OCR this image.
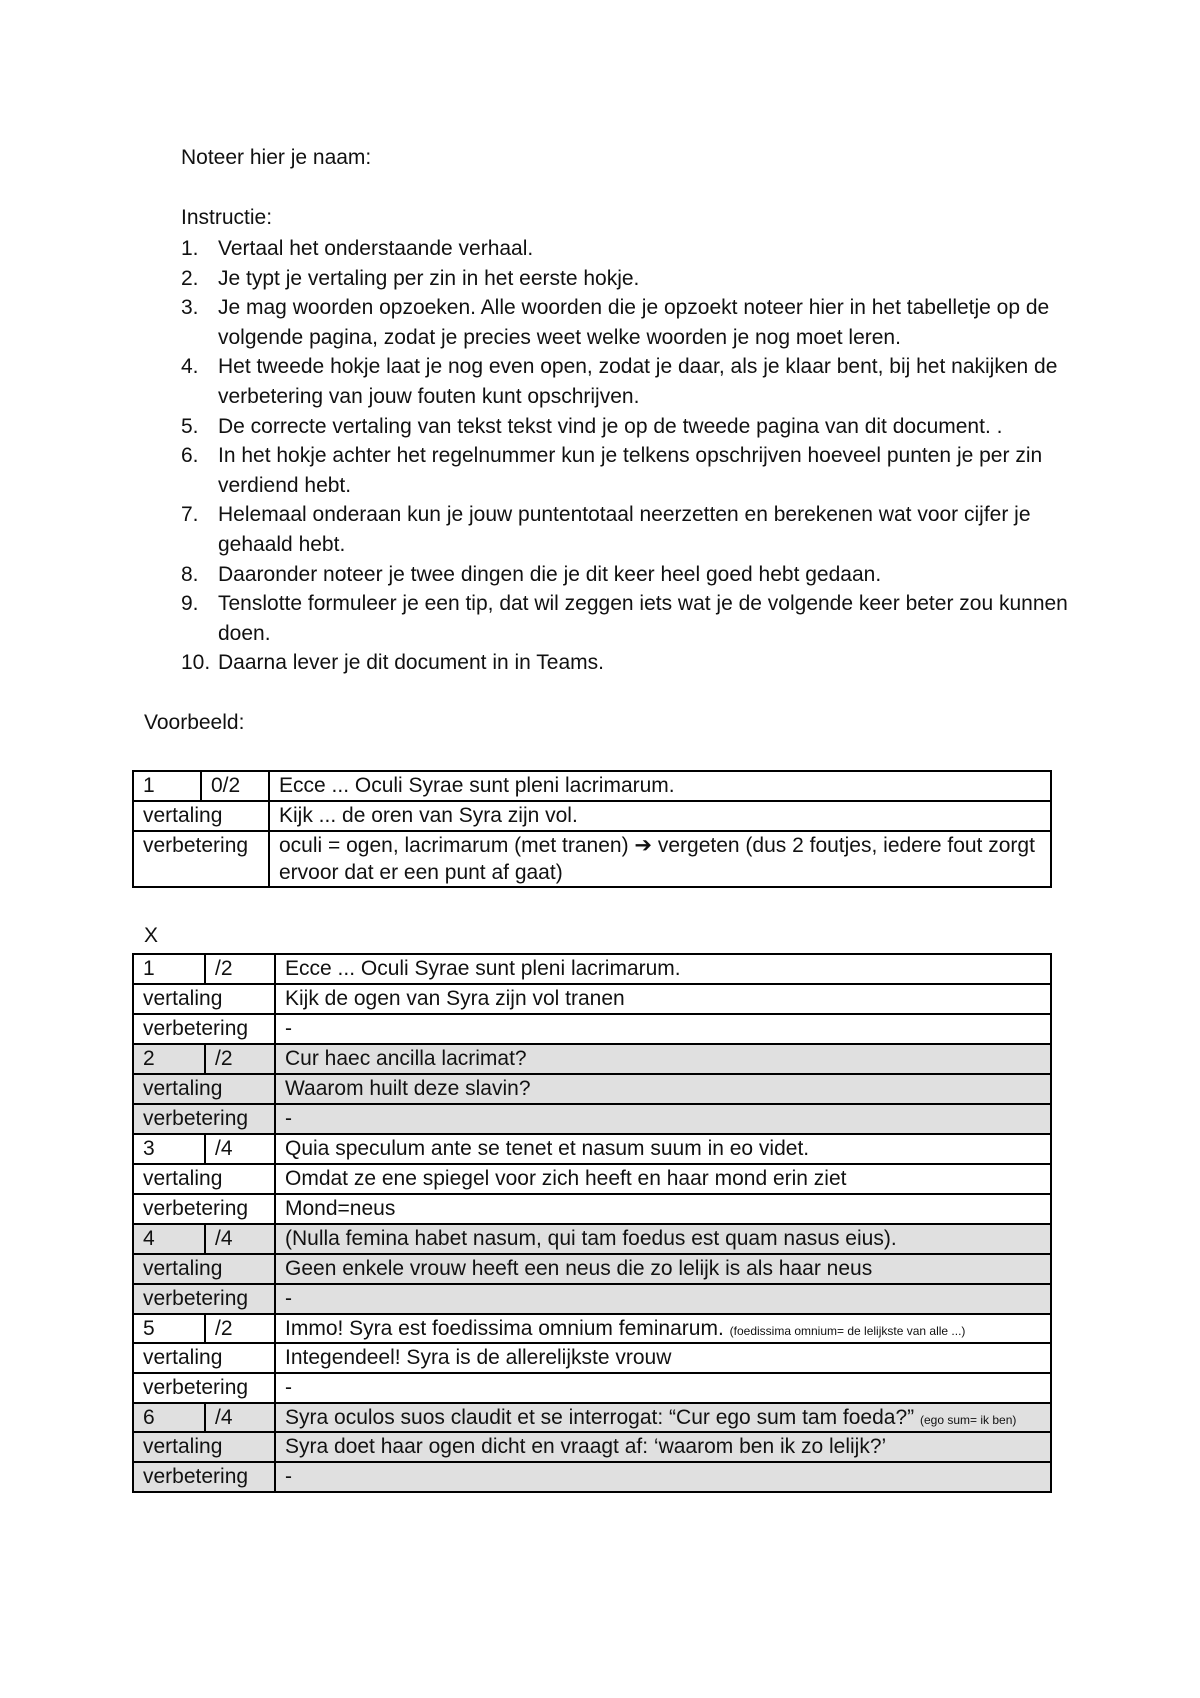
Noteer hier je naam:
Instructie:
1. Vertaal het onderstaande verhaal.
2. Je typt je vertaling per zin in het eerste hokje.
3. Je mag woorden opzoeken. Alle woorden die je opzoekt noteer hier in het tabelletje op de volgende pagina, zodat je precies weet welke woorden je nog moet leren.
4. Het tweede hokje laat je nog even open, zodat je daar, als je klaar bent, bij het nakijken de verbetering van jouw fouten kunt opschrijven.
5. De correcte vertaling van tekst tekst vind je op de tweede pagina van dit document. .
6. In het hokje achter het regelnummer kun je telkens opschrijven hoeveel punten je per zin verdiend hebt.
7. Helemaal onderaan kun je jouw puntentotaal neerzetten en berekenen wat voor cijfer je gehaald hebt.
8. Daaronder noteer je twee dingen die je dit keer heel goed hebt gedaan.
9. Tenslotte formuleer je een tip, dat wil zeggen iets wat je de volgende keer beter zou kunnen doen.
10. Daarna lever je dit document in in Teams.
Voorbeeld:
1	0/2	Ecce ... Oculi Syrae sunt pleni lacrimarum.
vertaling		Kijk ... de oren van Syra zijn vol.
verbetering		oculi = ogen, lacrimarum (met tranen) ➔ vergeten (dus 2 foutjes, iedere fout zorgt ervoor dat er een punt af gaat)
X
1	/2	Ecce ... Oculi Syrae sunt pleni lacrimarum.
vertaling		Kijk de ogen van Syra zijn vol tranen
verbetering		-
2	/2	Cur haec ancilla lacrimat?
vertaling		Waarom huilt deze slavin?
verbetering		-
3	/4	Quia speculum ante se tenet et nasum suum in eo videt.
vertaling		Omdat ze ene spiegel voor zich heeft en haar mond erin ziet
verbetering		Mond=neus
4	/4	(Nulla femina habet nasum, qui tam foedus est quam nasus eius).
vertaling		Geen enkele vrouw heeft een neus die zo lelijk is als haar neus
verbetering		-
5	/2	Immo! Syra est foedissima omnium feminarum. (foedissima omnium= de lelijkste van alle ...)
vertaling		Integendeel! Syra is de allerelijkste vrouw
verbetering		-
6	/4	Syra oculos suos claudit et se interrogat: “Cur ego sum tam foeda?” (ego sum= ik ben)
vertaling		Syra doet haar ogen dicht en vraagt af: ‘waarom ben ik zo lelijk?’
verbetering		-
